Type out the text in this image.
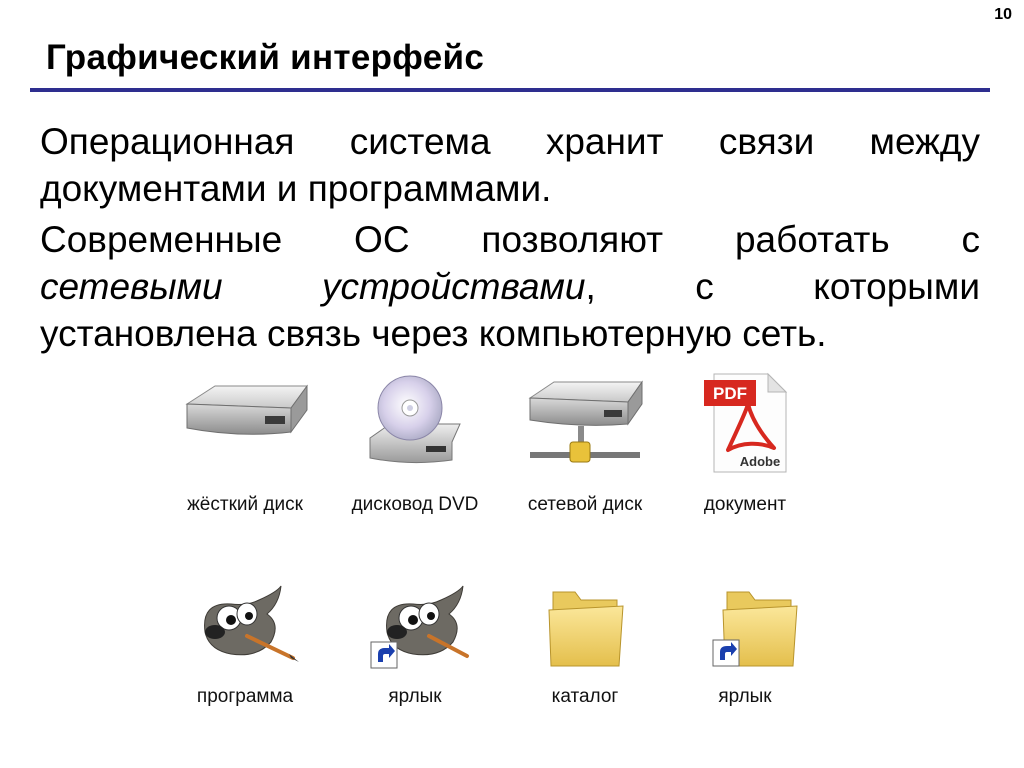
10
Графический интерфейс
Операционная система хранит связи между
документами и программами.
Современные ОС позволяют работать с
сетевыми устройствами, с которыми
установлена связь через компьютерную сеть.
жёсткий диск	дисковод DVD	сетевой диск
PDF
Adobe
документ
программа	ярлык	каталог	ярлык
